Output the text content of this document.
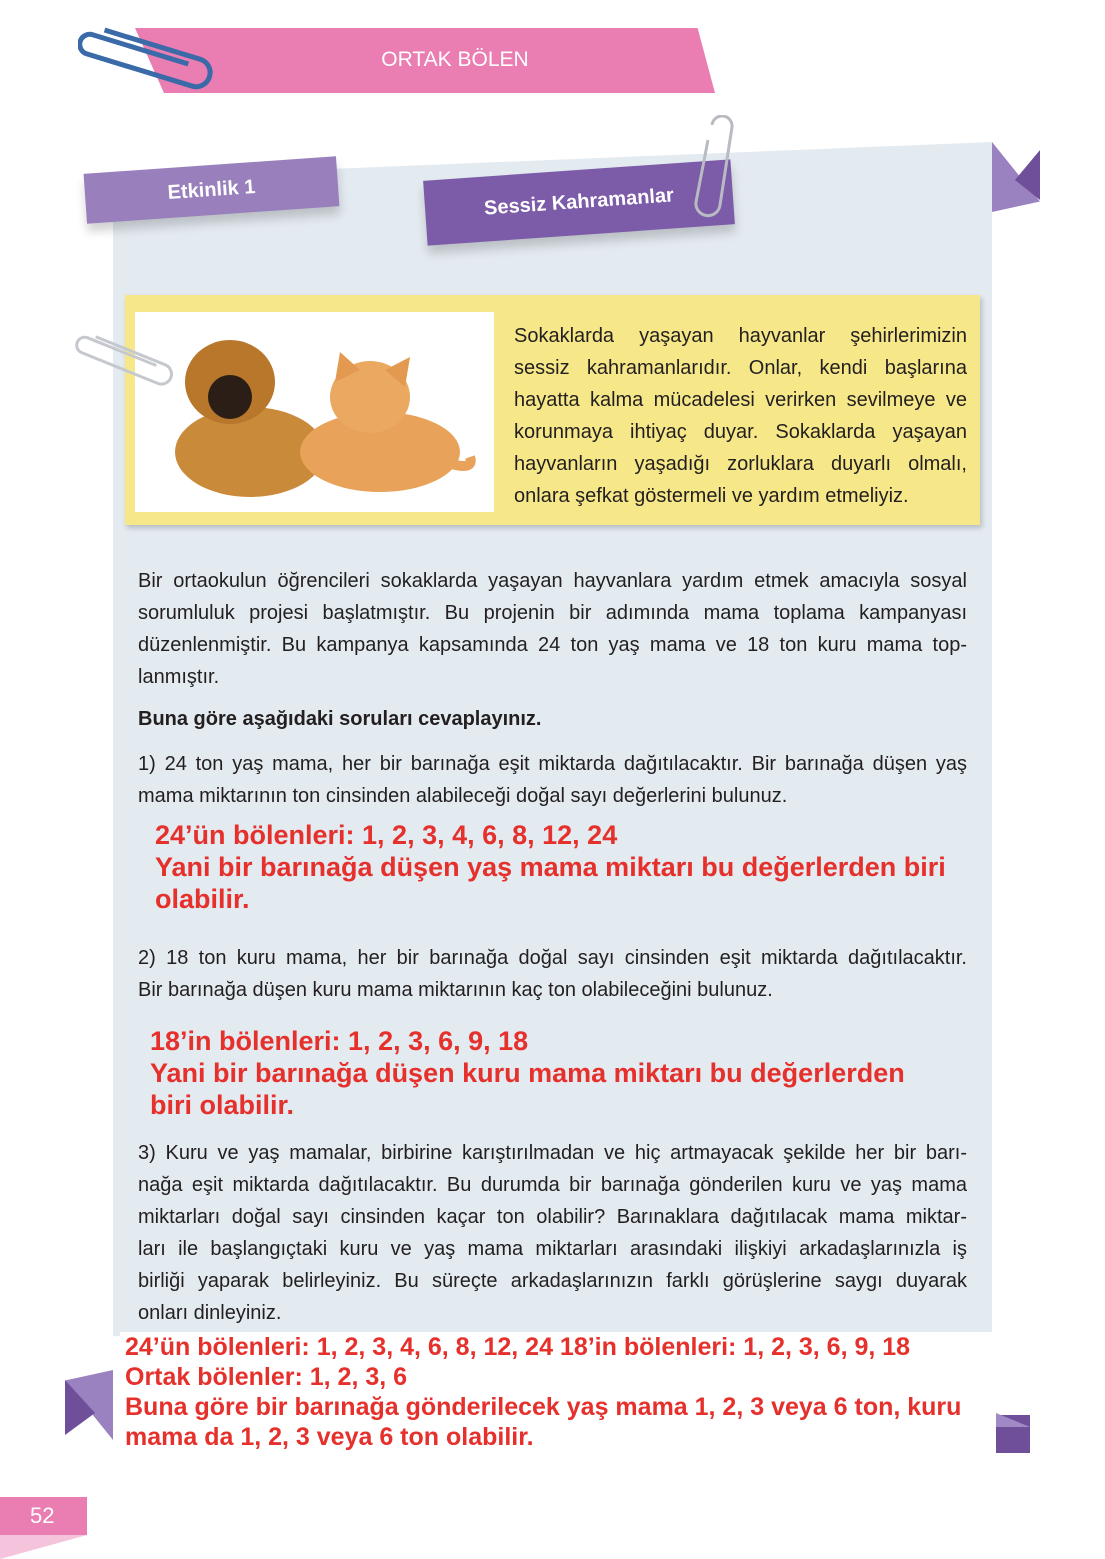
ORTAK BÖLEN
Etkinlik 1	Sessiz Kahramanlar
Sokaklarda yaşayan hayvanlar şehirlerimizin
sessiz kahramanlarıdır. Onlar, kendi başlarına
hayatta kalma mücadelesi verirken sevilmeye ve
korunmaya ihtiyaç duyar. Sokaklarda yaşayan
hayvanların yaşadığı zorluklara duyarlı olmalı,
onlara şefkat göstermeli ve yardım etmeliyiz.
Bir ortaokulun öğrencileri sokaklarda yaşayan hayvanlara yardım etmek amacıyla sosyal
sorumluluk projesi başlatmıştır. Bu projenin bir adımında mama toplama kampanyası
düzenlenmiştir. Bu kampanya kapsamında 24 ton yaş mama ve 18 ton kuru mama top-
lanmıştır.
Buna göre aşağıdaki soruları cevaplayınız.
1) 24 ton yaş mama, her bir barınağa eşit miktarda dağıtılacaktır. Bir barınağa düşen yaş
mama miktarının ton cinsinden alabileceği doğal sayı değerlerini bulunuz.
24’ün bölenleri: 1, 2, 3, 4, 6, 8, 12, 24
Yani bir barınağa düşen yaş mama miktarı bu değerlerden biri
olabilir.
2) 18 ton kuru mama, her bir barınağa doğal sayı cinsinden eşit miktarda dağıtılacaktır.
Bir barınağa düşen kuru mama miktarının kaç ton olabileceğini bulunuz.
18’in bölenleri: 1, 2, 3, 6, 9, 18
Yani bir barınağa düşen kuru mama miktarı bu değerlerden
biri olabilir.
3) Kuru ve yaş mamalar, birbirine karıştırılmadan ve hiç artmayacak şekilde her bir barı-
nağa eşit miktarda dağıtılacaktır. Bu durumda bir barınağa gönderilen kuru ve yaş mama
miktarları doğal sayı cinsinden kaçar ton olabilir? Barınaklara dağıtılacak mama miktar-
ları ile başlangıçtaki kuru ve yaş mama miktarları arasındaki ilişkiyi arkadaşlarınızla iş
birliği yaparak belirleyiniz. Bu süreçte arkadaşlarınızın farklı görüşlerine saygı duyarak
onları dinleyiniz.
24’ün bölenleri: 1, 2, 3, 4, 6, 8, 12, 24 18’in bölenleri: 1, 2, 3, 6, 9, 18
Ortak bölenler: 1, 2, 3, 6
Buna göre bir barınağa gönderilecek yaş mama 1, 2, 3 veya 6 ton, kuru
mama da 1, 2, 3 veya 6 ton olabilir.
52
